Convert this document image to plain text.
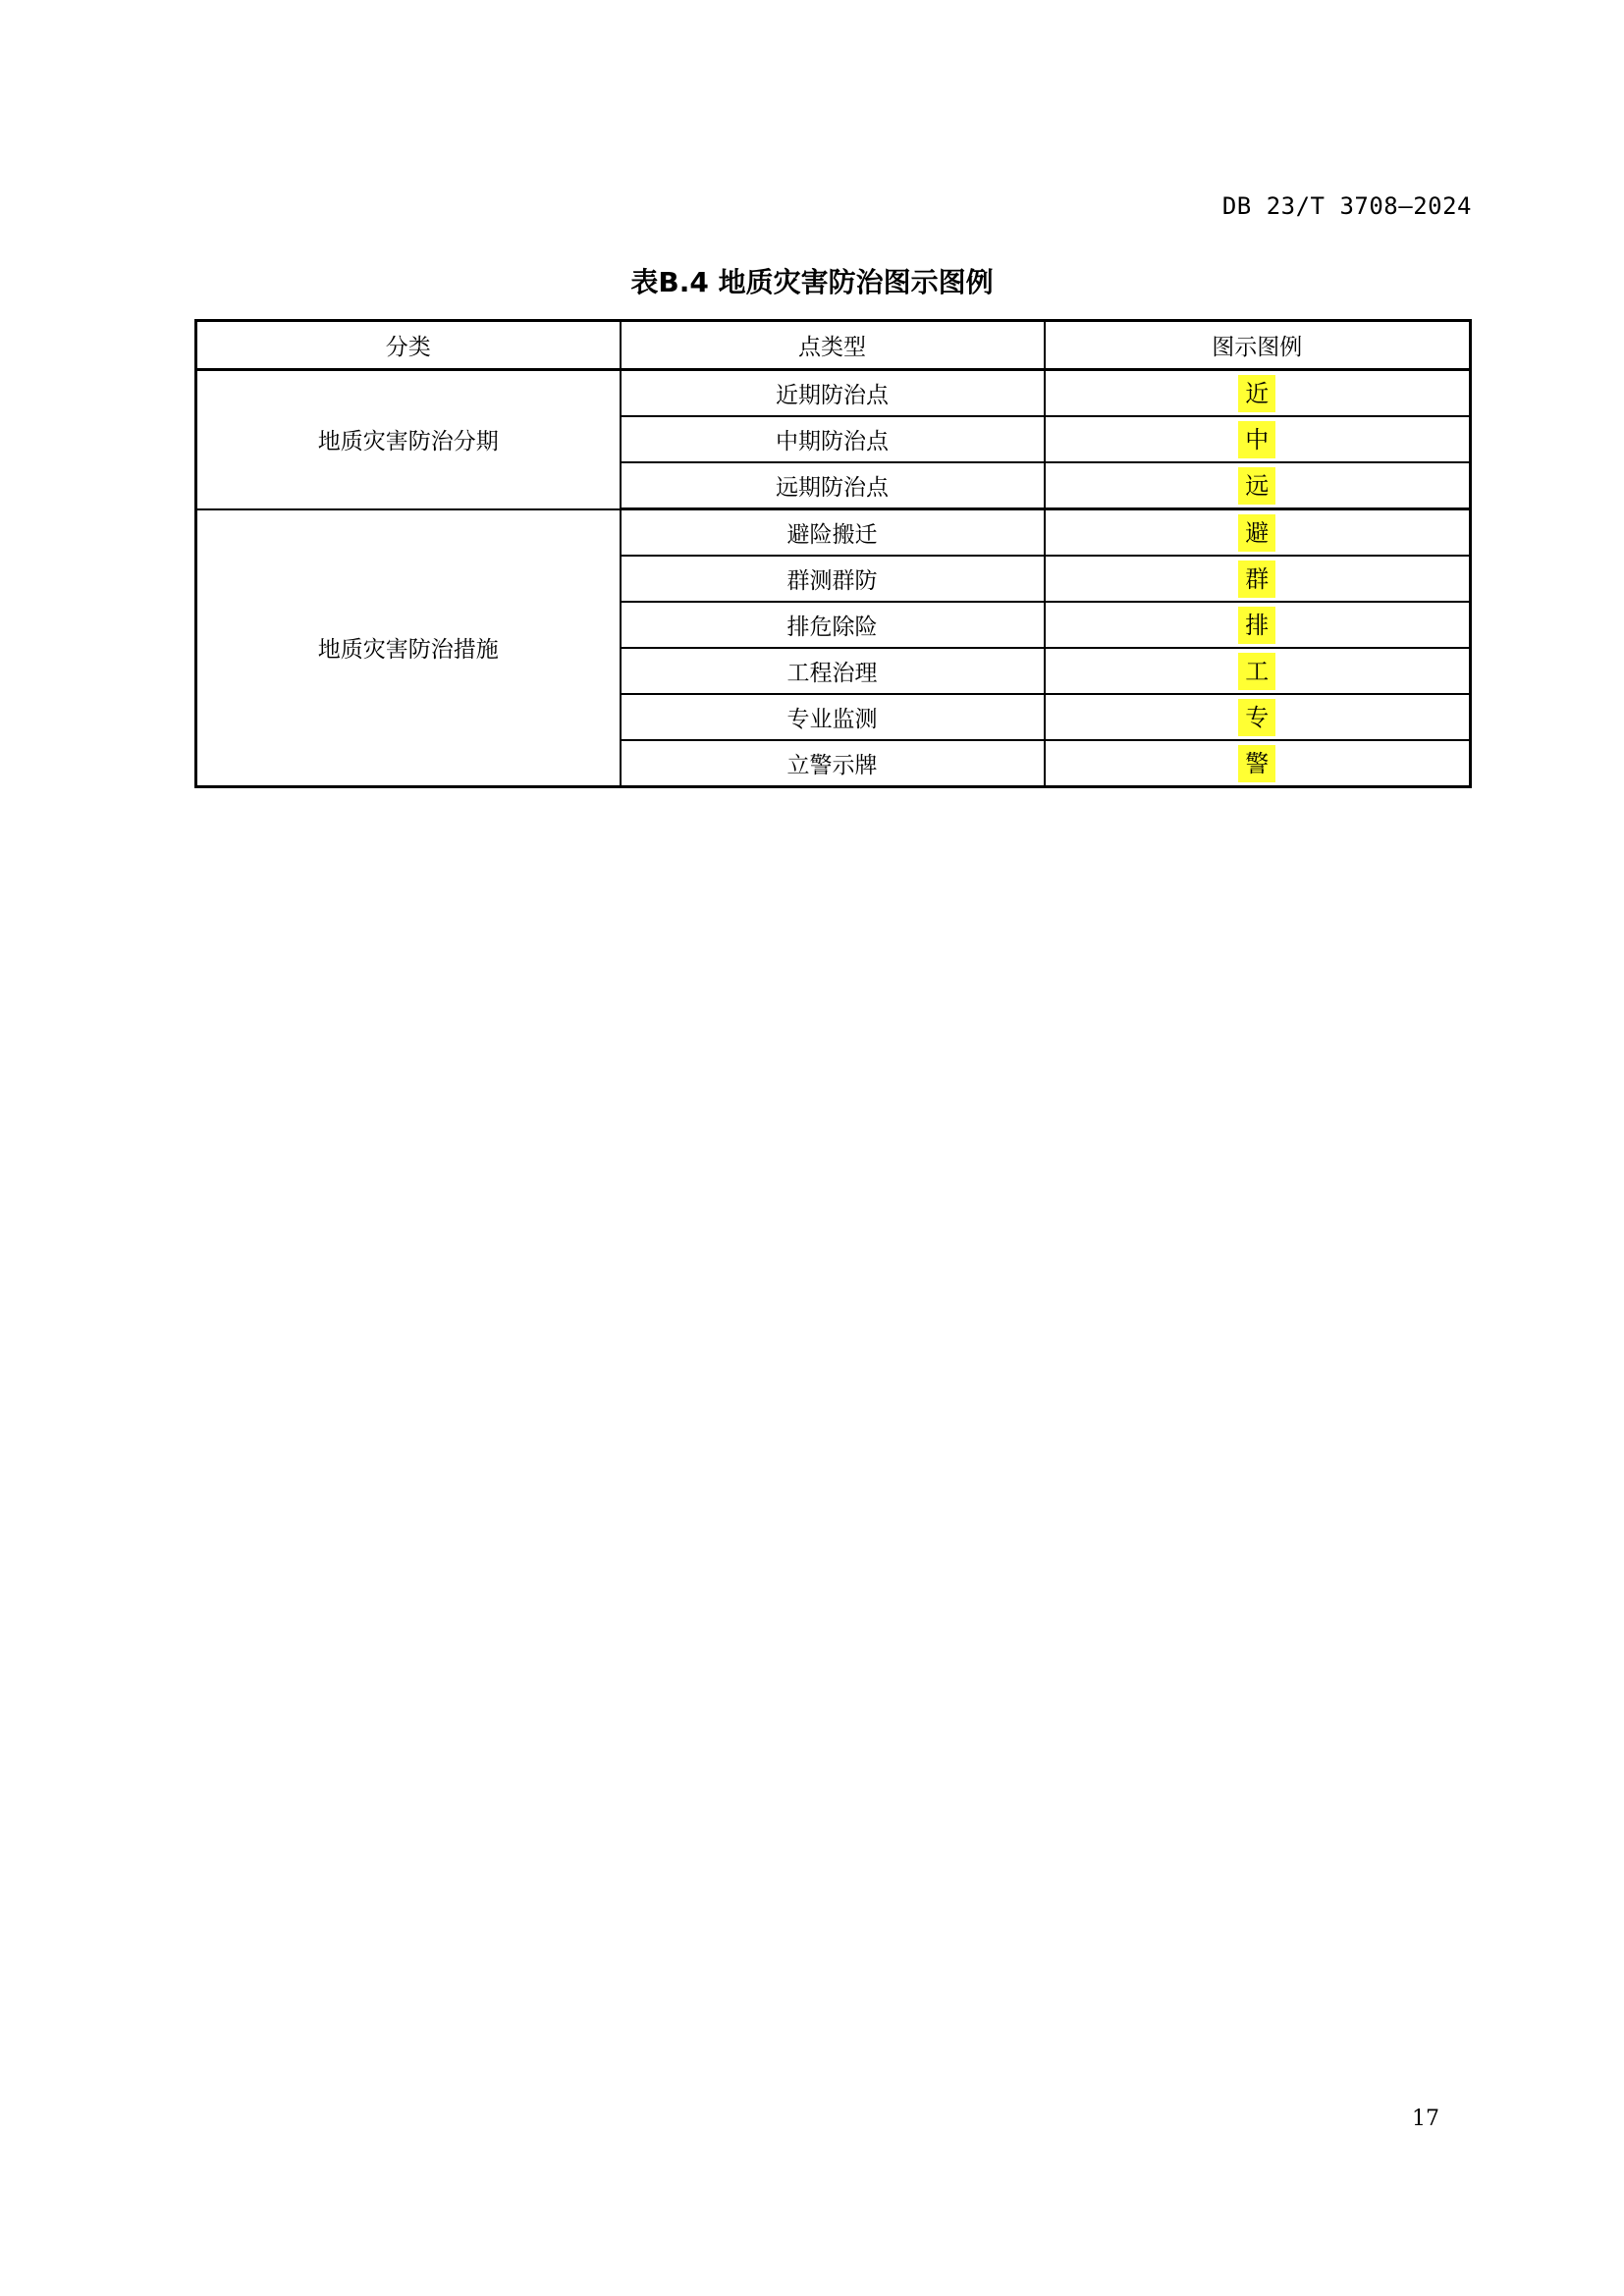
DB 23/T 3708—2024
表B.4 地质灾害防治图示图例
分类	点类型	图示图例
地质灾害防治分期	近期防治点	近
	中期防治点	中
	远期防治点	远
地质灾害防治措施	避险搬迁	避
	群测群防	群
	排危除险	排
	工程治理	工
	专业监测	专
	立警示牌	警
17
